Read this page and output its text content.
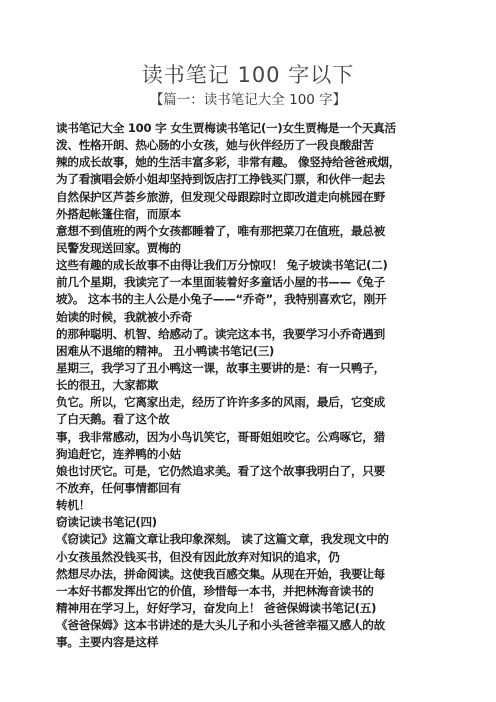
读书笔记 100 字以下
【篇一：读书笔记大全 100 字】
读书笔记大全 100 字 女生贾梅读书笔记(一)女生贾梅是一个天真活
泼、性格开朗、热心肠的小女孩，她与伙伴经历了一段良酸甜苦
辣的成长故事，她的生活丰富多彩，非常有趣。 像竖持给爸爸戒烟，
为了看演唱会娇小姐却坚持到饭店打工挣钱买门票，和伙伴一起去
自然保护区芦荟乡旅游，但发现父母跟踪时立即改道走向桃园在野
外搭起帐篷住宿，而原本
意想不到值班的两个女孩都睡着了，唯有那把菜刀在值班，最总被
民警发现送回家。贾梅的
这些有趣的成长故事不由得让我们万分惊叹！ 兔子坡读书笔记(二)
前几个星期，我读完了一本里面装着好多童话小屋的书——《兔子
坡》。 这本书的主人公是小兔子——“乔奇”，我特别喜欢它，刚开
始读的时候，我就被小乔奇
的那种聪明、机智、给感动了。读完这本书，我要学习小乔奇遇到
困难从不退缩的精神。 丑小鸭读书笔记(三)
星期三，我学习了丑小鸭这一课，故事主要讲的是：有一只鸭子，
长的很丑，大家都欺
负它。所以，它离家出走，经历了许许多多的风雨，最后，它变成
了白天鹅。看了这个故
事，我非常感动，因为小鸟讥笑它，哥哥姐姐咬它。公鸡啄它，猎
狗追赶它，连养鸭的小姑
娘也讨厌它。可是，它仍然追求美。看了这个故事我明白了，只要
不放弃，任何事情都回有
转机！
窃读记读书笔记(四)
《窃读记》这篇文章让我印象深刻。 读了这篇文章，我发现文中的
小女孩虽然没钱买书，但没有因此放弃对知识的追求，仍
然想尽办法，拼命阅读。这使我百感交集。从现在开始，我要让每
一本好书都发挥出它的价值，珍惜每一本书，并把林海音读书的
精神用在学习上，好好学习，奋发向上！ 爸爸保姆读书笔记(五)
《爸爸保姆》这本书讲述的是大头儿子和小头爸爸幸福又感人的故
事。主要内容是这样
